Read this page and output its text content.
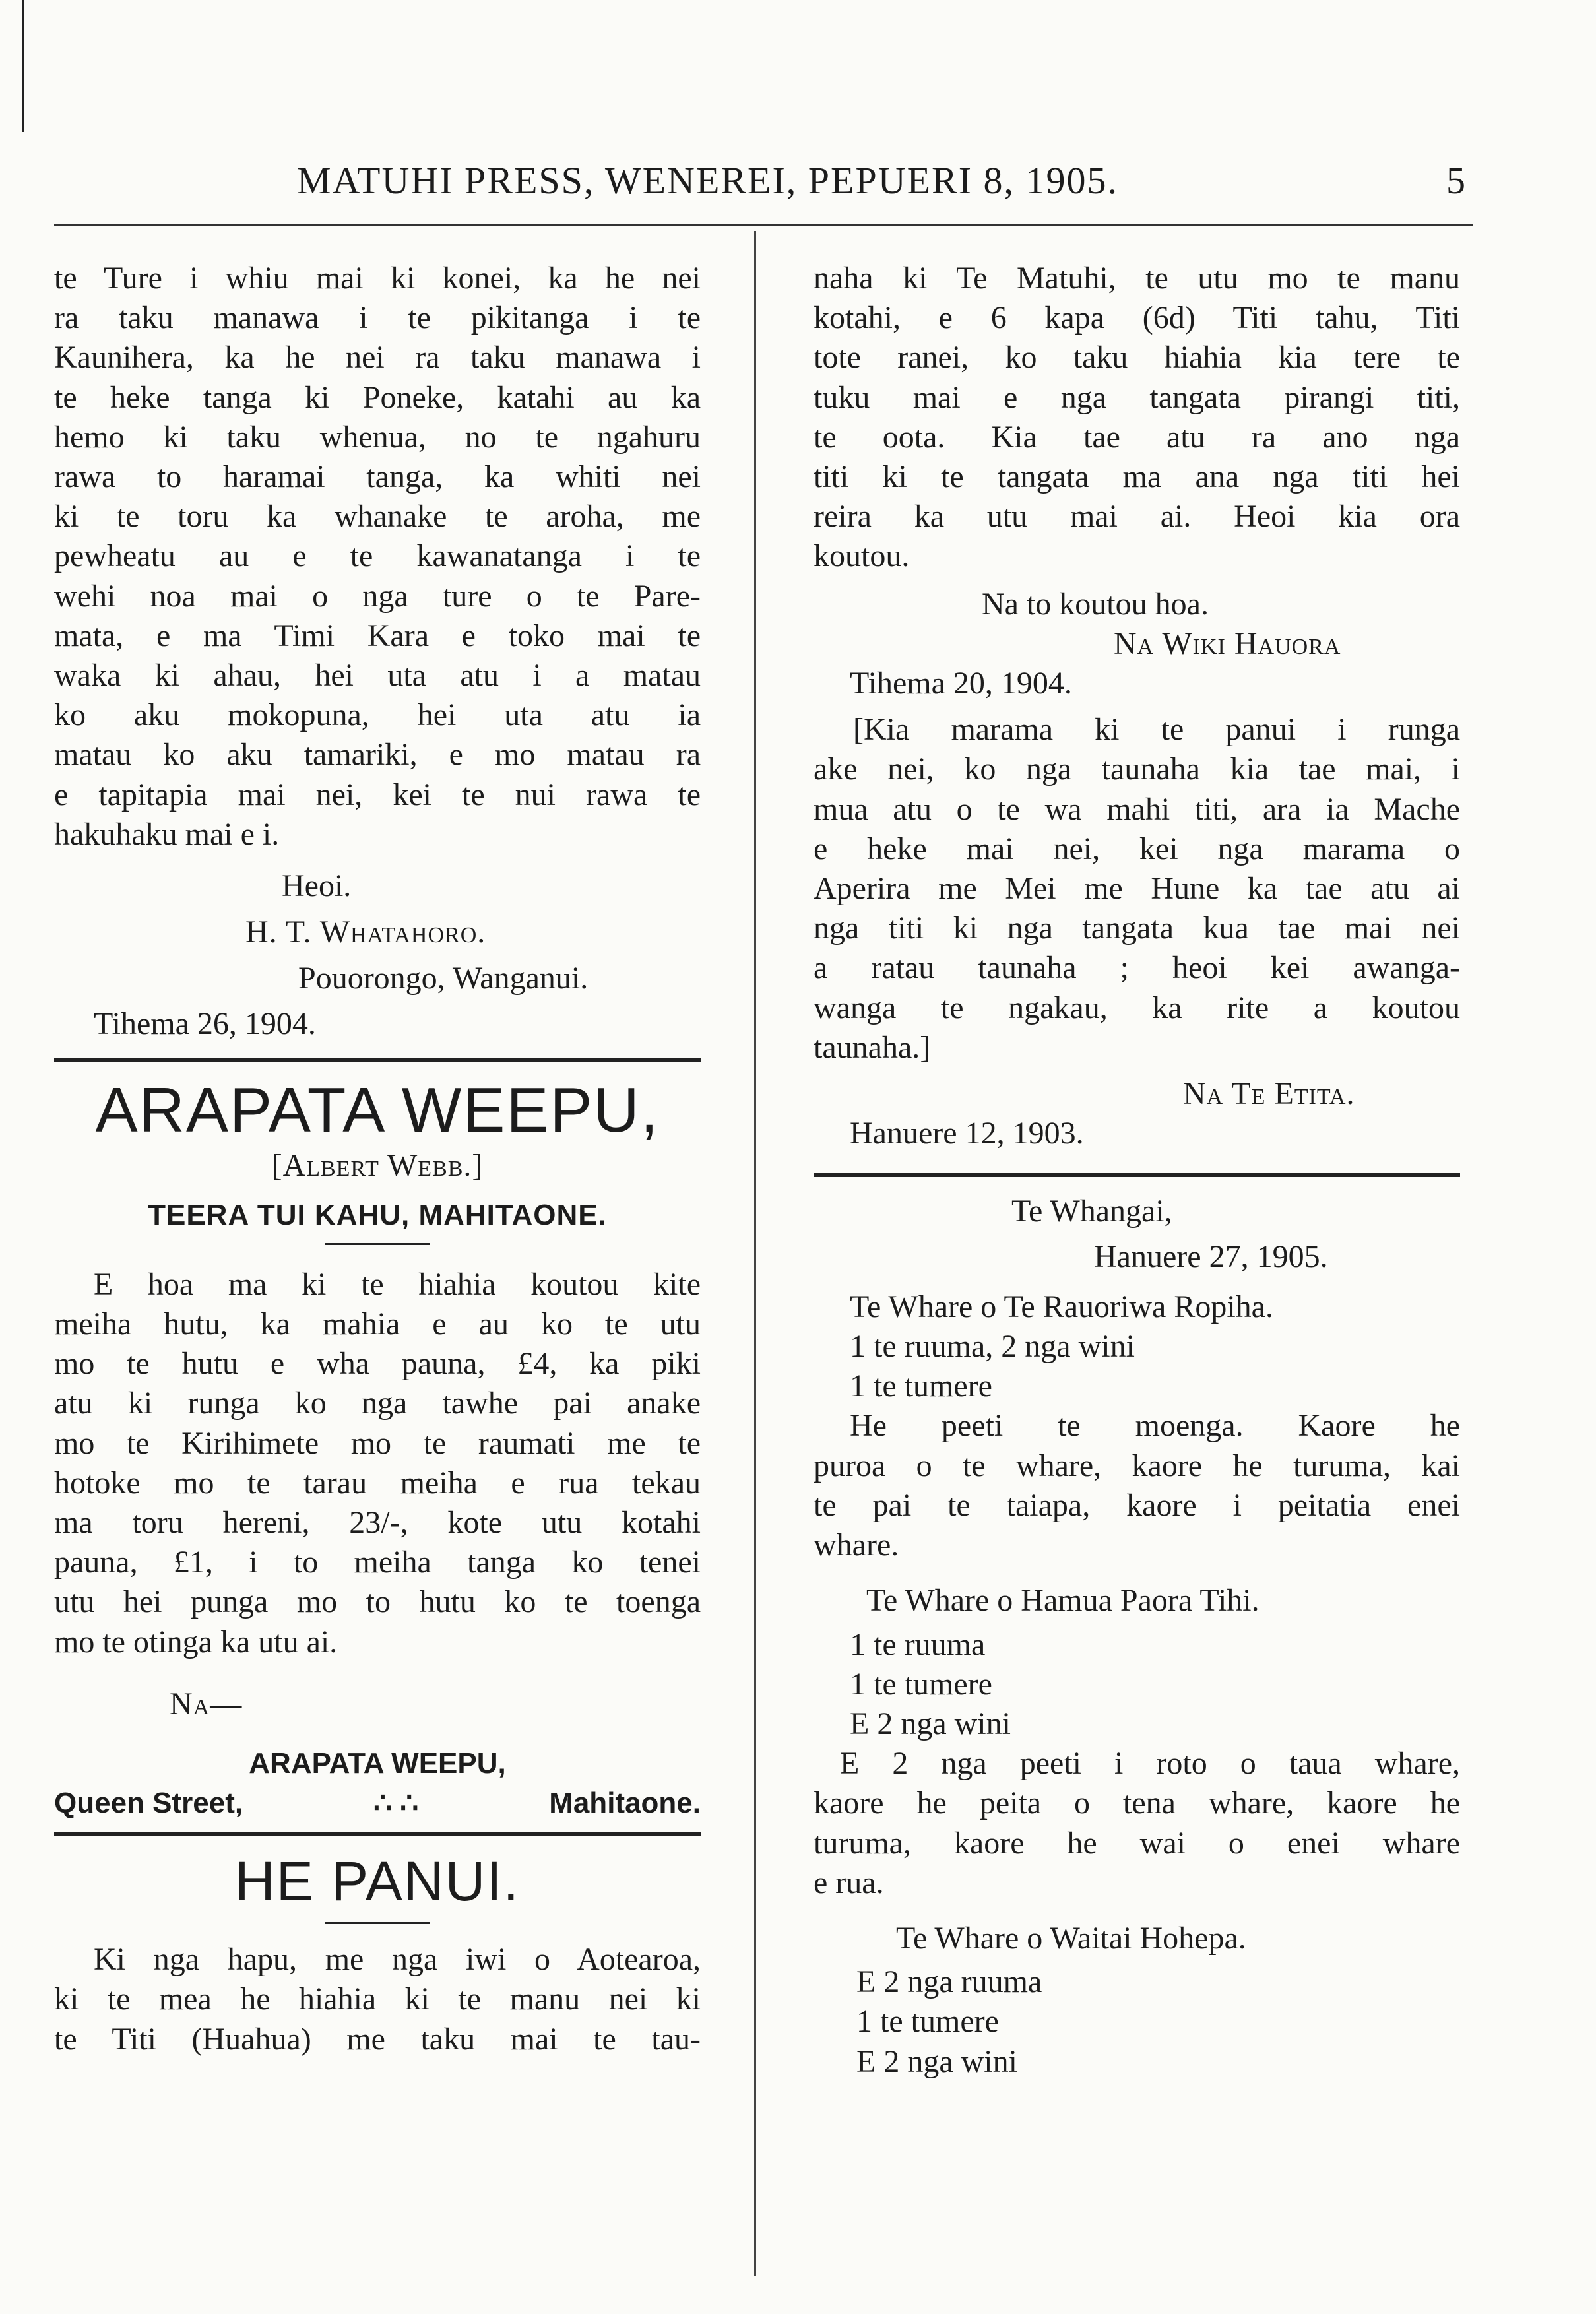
MATUHI PRESS, WENEREI, PEPUERI 8, 1905.	5
te Ture i whiu mai ki konei, ka he nei
ra taku manawa i te pikitanga i te
Kaunihera, ka he nei ra taku manawa i
te heke tanga ki Poneke, katahi au ka
hemo ki taku whenua, no te ngahuru
rawa to haramai tanga, ka whiti nei
ki te toru ka whanake te aroha, me
pewheatu au e te kawanatanga i te
wehi noa mai o nga ture o te Pare-
mata, e ma Timi Kara e toko mai te
waka ki ahau, hei uta atu i a matau
ko aku mokopuna, hei uta atu ia
matau ko aku tamariki, e mo matau ra
e tapitapia mai nei, kei te nui rawa te
hakuhaku mai e i.
Heoi.
H. T. Whatahoro.
Pouorongo, Wanganui.
Tihema 26, 1904.
ARAPATA WEEPU,
[Albert Webb.]
TEERA TUI KAHU, MAHITAONE.
E hoa ma ki te hiahia koutou kite
meiha hutu, ka mahia e au ko te utu
mo te hutu e wha pauna, £4, ka piki
atu ki runga ko nga tawhe pai anake
mo te Kirihimete mo te raumati me te
hotoke mo te tarau meiha e rua tekau
ma toru hereni, 23/-, kote utu kotahi
pauna, £1, i to meiha tanga ko tenei
utu hei punga mo to hutu ko te toenga
mo te otinga ka utu ai.
Na—
ARAPATA WEEPU,
Queen Street,	∴ ∴	Mahitaone.
HE PANUI.
Ki nga hapu, me nga iwi o Aotearoa,
ki te mea he hiahia ki te manu nei ki
te Titi (Huahua) me taku mai te tau-
naha ki Te Matuhi, te utu mo te manu
kotahi, e 6 kapa (6d) Titi tahu, Titi
tote ranei, ko taku hiahia kia tere te
tuku mai e nga tangata pirangi titi,
te oota. Kia tae atu ra ano nga
titi ki te tangata ma ana nga titi hei
reira ka utu mai ai. Heoi kia ora
koutou.
Na to koutou hoa.
Na Wiki Hauora
Tihema 20, 1904.
[Kia marama ki te panui i runga
ake nei, ko nga taunaha kia tae mai, i
mua atu o te wa mahi titi, ara ia Mache
e heke mai nei, kei nga marama o
Aperira me Mei me Hune ka tae atu ai
nga titi ki nga tangata kua tae mai nei
a ratau taunaha ; heoi kei awanga-
wanga te ngakau, ka rite a koutou
taunaha.]
Na Te Etita.
Hanuere 12, 1903.
Te Whangai,
Hanuere 27, 1905.
Te Whare o Te Rauoriwa Ropiha.
1 te ruuma, 2 nga wini
1 te tumere
He peeti te moenga. Kaore he
puroa o te whare, kaore he turuma, kai
te pai te taiapa, kaore i peitatia enei
whare.
Te Whare o Hamua Paora Tihi.
1 te ruuma
1 te tumere
E 2 nga wini
E 2 nga peeti i roto o taua whare,
kaore he peita o tena whare, kaore he
turuma, kaore he wai o enei whare
e rua.
Te Whare o Waitai Hohepa.
E 2 nga ruuma
1 te tumere
E 2 nga wini
